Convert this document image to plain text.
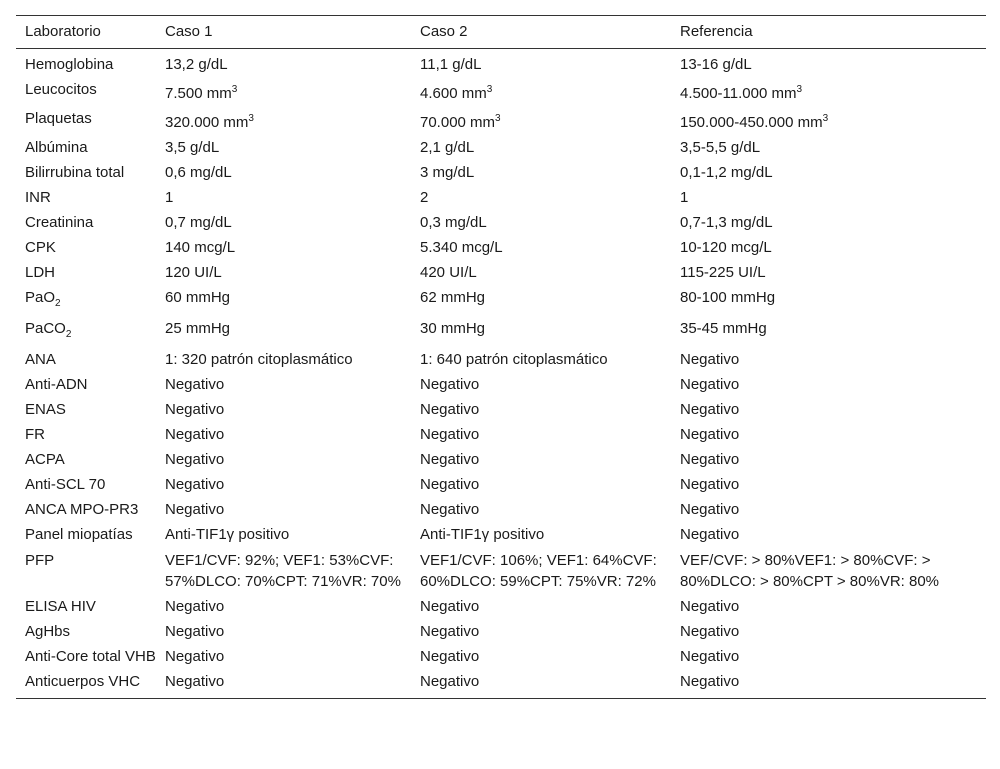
Laboratorio	Caso 1	Caso 2	Referencia
Hemoglobina	13,2 g/dL	11,1 g/dL	13-16 g/dL
Leucocitos	7.500 $mm^3$	4.600 $mm^3$	4.500-11.000 $mm^3$
Plaquetas	320.000 $mm^3$	70.000 $mm^3$	150.000-450.000 $mm^3$
Albúmina	3,5 g/dL	2,1 g/dL	3,5-5,5 g/dL
Bilirrubina total	0,6 mg/dL	3 mg/dL	0,1-1,2 mg/dL
INR	1	2	1
Creatinina	0,7 mg/dL	0,3 mg/dL	0,7-1,3 mg/dL
CPK	140 mcg/L	5.340 mcg/L	10-120 mcg/L
LDH	120 UI/L	420 UI/L	115-225 UI/L
PaO$_2$	60 mmHg	62 mmHg	80-100 mmHg
PaCO$_2$	25 mmHg	30 mmHg	35-45 mmHg
ANA	1: 320 patrón citoplasmático	1: 640 patrón citoplasmático	Negativo
Anti-ADN	Negativo	Negativo	Negativo
ENAS	Negativo	Negativo	Negativo
FR	Negativo	Negativo	Negativo
ACPA	Negativo	Negativo	Negativo
Anti-SCL 70	Negativo	Negativo	Negativo
ANCA MPO-PR3	Negativo	Negativo	Negativo
Panel miopatías	Anti-TIF1γ positivo	Anti-TIF1γ positivo	Negativo
PFP	VEF1/CVF: 92%; VEF1: 53%CVF: 57%DLCO: 70%CPT: 71%VR: 70%	VEF1/CVF: 106%; VEF1: 64%CVF: 60%DLCO: 59%CPT: 75%VR: 72%	VEF/CVF: > 80%VEF1: > 80%CVF: > 80%DLCO: > 80%CPT > 80%VR: 80%
ELISA HIV	Negativo	Negativo	Negativo
AgHbs	Negativo	Negativo	Negativo
Anti-Core total VHB	Negativo	Negativo	Negativo
Anticuerpos VHC	Negativo	Negativo	Negativo
